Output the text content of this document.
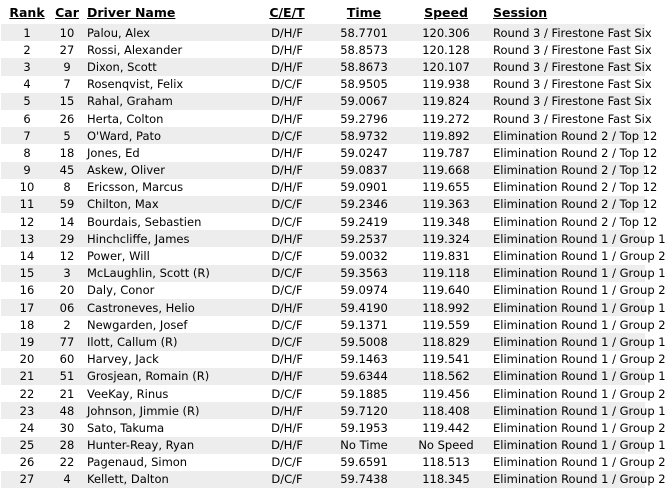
Rank	Car	Driver Name	C/E/T	Time	Speed	Session
1	10	Palou, Alex	D/H/F	58.7701	120.306	Round 3 / Firestone Fast Six
2	27	Rossi, Alexander	D/H/F	58.8573	120.128	Round 3 / Firestone Fast Six
3	9	Dixon, Scott	D/H/F	58.8673	120.107	Round 3 / Firestone Fast Six
4	7	Rosenqvist, Felix	D/C/F	58.9505	119.938	Round 3 / Firestone Fast Six
5	15	Rahal, Graham	D/H/F	59.0067	119.824	Round 3 / Firestone Fast Six
6	26	Herta, Colton	D/H/F	59.2796	119.272	Round 3 / Firestone Fast Six
7	5	O'Ward, Pato	D/C/F	58.9732	119.892	Elimination Round 2 / Top 12
8	18	Jones, Ed	D/H/F	59.0247	119.787	Elimination Round 2 / Top 12
9	45	Askew, Oliver	D/H/F	59.0837	119.668	Elimination Round 2 / Top 12
10	8	Ericsson, Marcus	D/H/F	59.0901	119.655	Elimination Round 2 / Top 12
11	59	Chilton, Max	D/C/F	59.2346	119.363	Elimination Round 2 / Top 12
12	14	Bourdais, Sebastien	D/C/F	59.2419	119.348	Elimination Round 2 / Top 12
13	29	Hinchcliffe, James	D/H/F	59.2537	119.324	Elimination Round 1 / Group 1
14	12	Power, Will	D/C/F	59.0032	119.831	Elimination Round 1 / Group 2
15	3	McLaughlin, Scott (R)	D/C/F	59.3563	119.118	Elimination Round 1 / Group 1
16	20	Daly, Conor	D/C/F	59.0974	119.640	Elimination Round 1 / Group 2
17	06	Castroneves, Helio	D/H/F	59.4190	118.992	Elimination Round 1 / Group 1
18	2	Newgarden, Josef	D/C/F	59.1371	119.559	Elimination Round 1 / Group 2
19	77	Ilott, Callum (R)	D/C/F	59.5008	118.829	Elimination Round 1 / Group 1
20	60	Harvey, Jack	D/H/F	59.1463	119.541	Elimination Round 1 / Group 2
21	51	Grosjean, Romain (R)	D/H/F	59.6344	118.562	Elimination Round 1 / Group 1
22	21	VeeKay, Rinus	D/C/F	59.1885	119.456	Elimination Round 1 / Group 2
23	48	Johnson, Jimmie (R)	D/H/F	59.7120	118.408	Elimination Round 1 / Group 1
24	30	Sato, Takuma	D/H/F	59.1953	119.442	Elimination Round 1 / Group 2
25	28	Hunter-Reay, Ryan	D/H/F	No Time	No Speed	Elimination Round 1 / Group 1
26	22	Pagenaud, Simon	D/C/F	59.6591	118.513	Elimination Round 1 / Group 2
27	4	Kellett, Dalton	D/C/F	59.7438	118.345	Elimination Round 1 / Group 2
